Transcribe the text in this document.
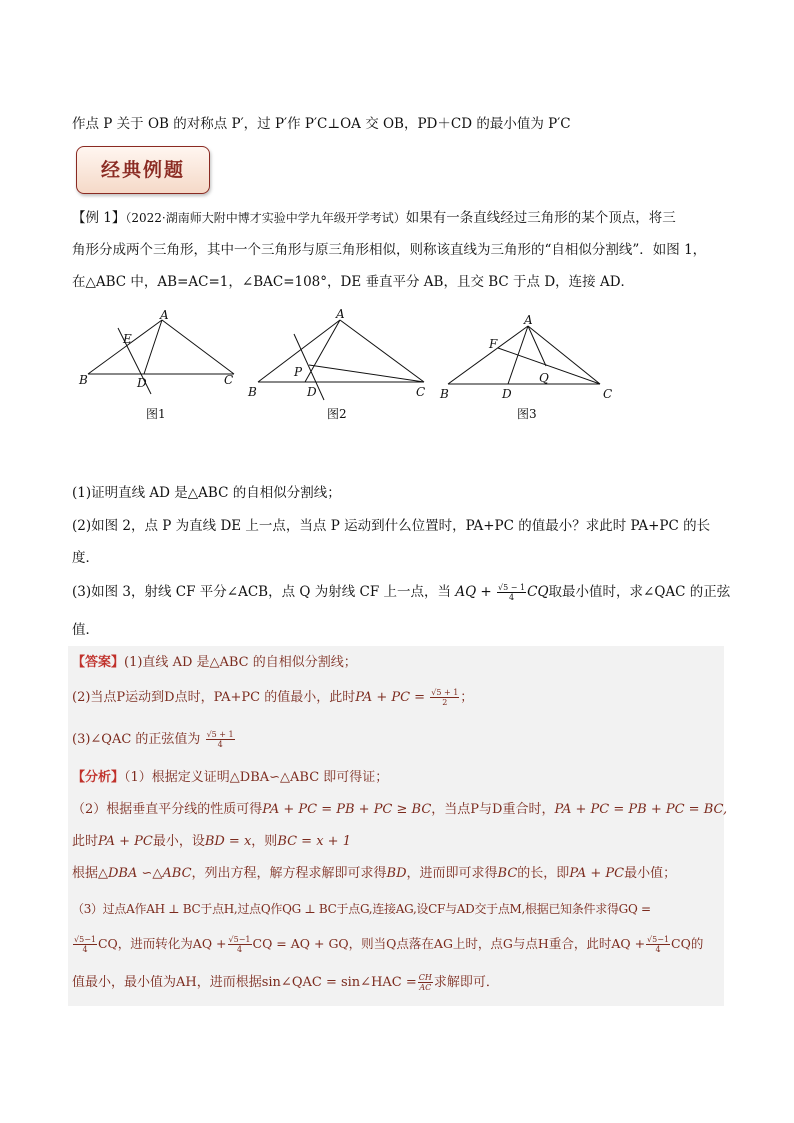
作点 P 关于 OB 的对称点 P′，过 P′作 P′C⊥OA 交 OB，PD＋CD 的最小值为 P′C
经典例题
【例 1】（2022·湖南师大附中博才实验中学九年级开学考试）如果有一条直线经过三角形的某个顶点，将三
角形分成两个三角形，其中一个三角形与原三角形相似，则称该直线为三角形的“自相似分割线”．如图 1，
在△ABC 中，AB=AC=1，∠BAC=108°，DE 垂直平分 AB，且交 BC 于点 D，连接 AD．
A
E
B	D	C
图1
A
P
B	D	C
图2
A
F
Q
B	D	C
图3
(1)证明直线 AD 是△ABC 的自相似分割线；
(2)如图 2，点 P 为直线 DE 上一点，当点 P 运动到什么位置时，PA+PC 的值最小？求此时 PA+PC 的长
度．
(3)如图 3，射线 CF 平分∠ACB，点 Q 为射线 CF 上一点，当 AQ + $\frac{√5 - 1}{4}$ CQ取最小值时，求∠QAC 的正弦
值．
【答案】(1)直线 AD 是△ABC 的自相似分割线；
(2)当点P运动到D点时，PA+PC 的值最小，此时PA + PC = $\frac{√5 + 1}{2}$ ；
(3)∠QAC 的正弦值为 $\frac{√5 + 1}{4}$
【分析】（1）根据定义证明△DBA∽△ABC 即可得证；
（2）根据垂直平分线的性质可得PA + PC = PB + PC ≥ BC，当点P与D重合时，PA + PC = PB + PC = BC,
此时PA + PC最小，设BD = x，则BC = x + 1
根据△DBA ∽△ABC，列出方程，解方程求解即可求得BD，进而即可求得BC的长，即PA + PC最小值；
（3）过点A作AH ⊥ BC于点H,过点Q作QG ⊥ BC于点G,连接AG,设CF与AD交于点M,根据已知条件求得GQ =
$\frac{√5-1}{4}$ CQ，进而转化为AQ + $\frac{√5-1}{4}$ CQ = AQ + GQ，则当Q点落在AG上时，点G与点H重合，此时AQ + $\frac{√5-1}{4}$ CQ的
值最小，最小值为AH，进而根据sin∠QAC = sin∠HAC = $\frac{CH}{AC}$ 求解即可．
